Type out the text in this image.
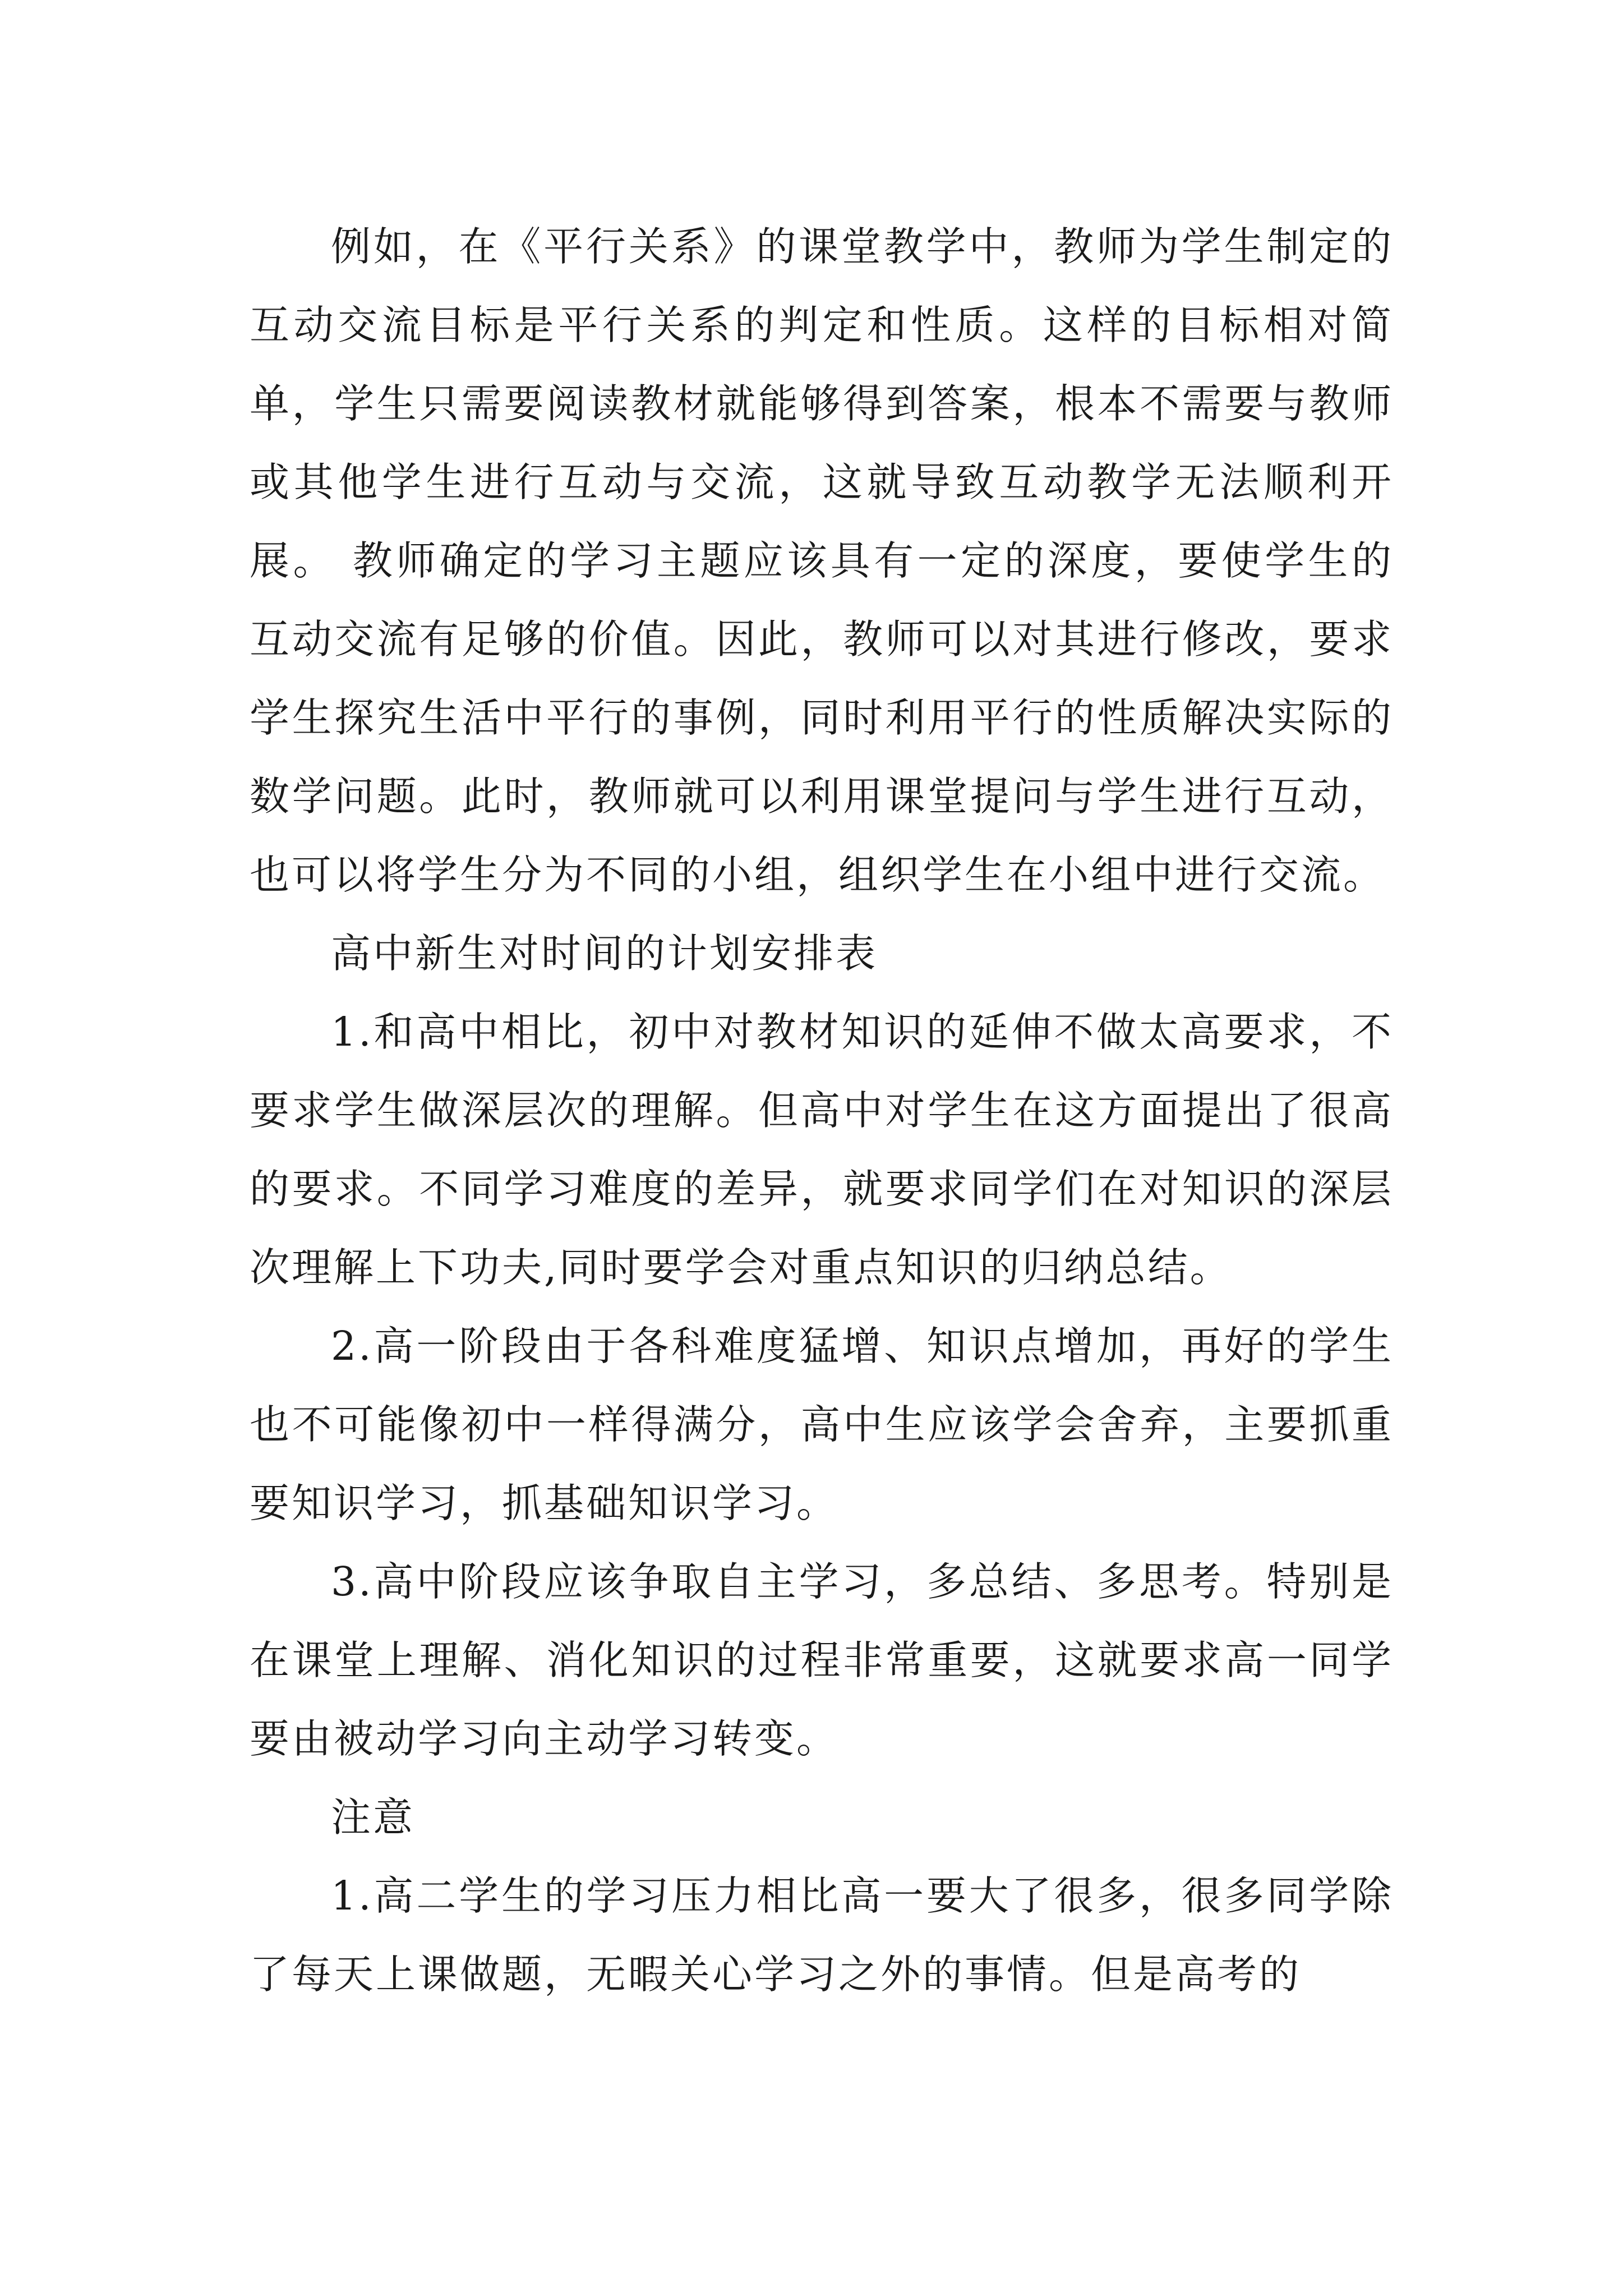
例如，在《平行关系》的课堂教学中，教师为学生制定的互动交流目标是平行关系的判定和性质。这样的目标相对简单，学生只需要阅读教材就能够得到答案，根本不需要与教师或其他学生进行互动与交流，这就导致互动教学无法顺利开展。 教师确定的学习主题应该具有一定的深度，要使学生的互动交流有足够的价值。因此，教师可以对其进行修改，要求学生探究生活中平行的事例，同时利用平行的性质解决实际的数学问题。此时，教师就可以利用课堂提问与学生进行互动，也可以将学生分为不同的小组，组织学生在小组中进行交流。

高中新生对时间的计划安排表

1.和高中相比，初中对教材知识的延伸不做太高要求，不要求学生做深层次的理解。但高中对学生在这方面提出了很高的要求。不同学习难度的差异，就要求同学们在对知识的深层次理解上下功夫,同时要学会对重点知识的归纳总结。

2.高一阶段由于各科难度猛增、知识点增加，再好的学生也不可能像初中一样得满分，高中生应该学会舍弃，主要抓重要知识学习，抓基础知识学习。

3.高中阶段应该争取自主学习，多总结、多思考。特别是在课堂上理解、消化知识的过程非常重要，这就要求高一同学要由被动学习向主动学习转变。

注意

1.高二学生的学习压力相比高一要大了很多，很多同学除了每天上课做题，无暇关心学习之外的事情。但是高考的
